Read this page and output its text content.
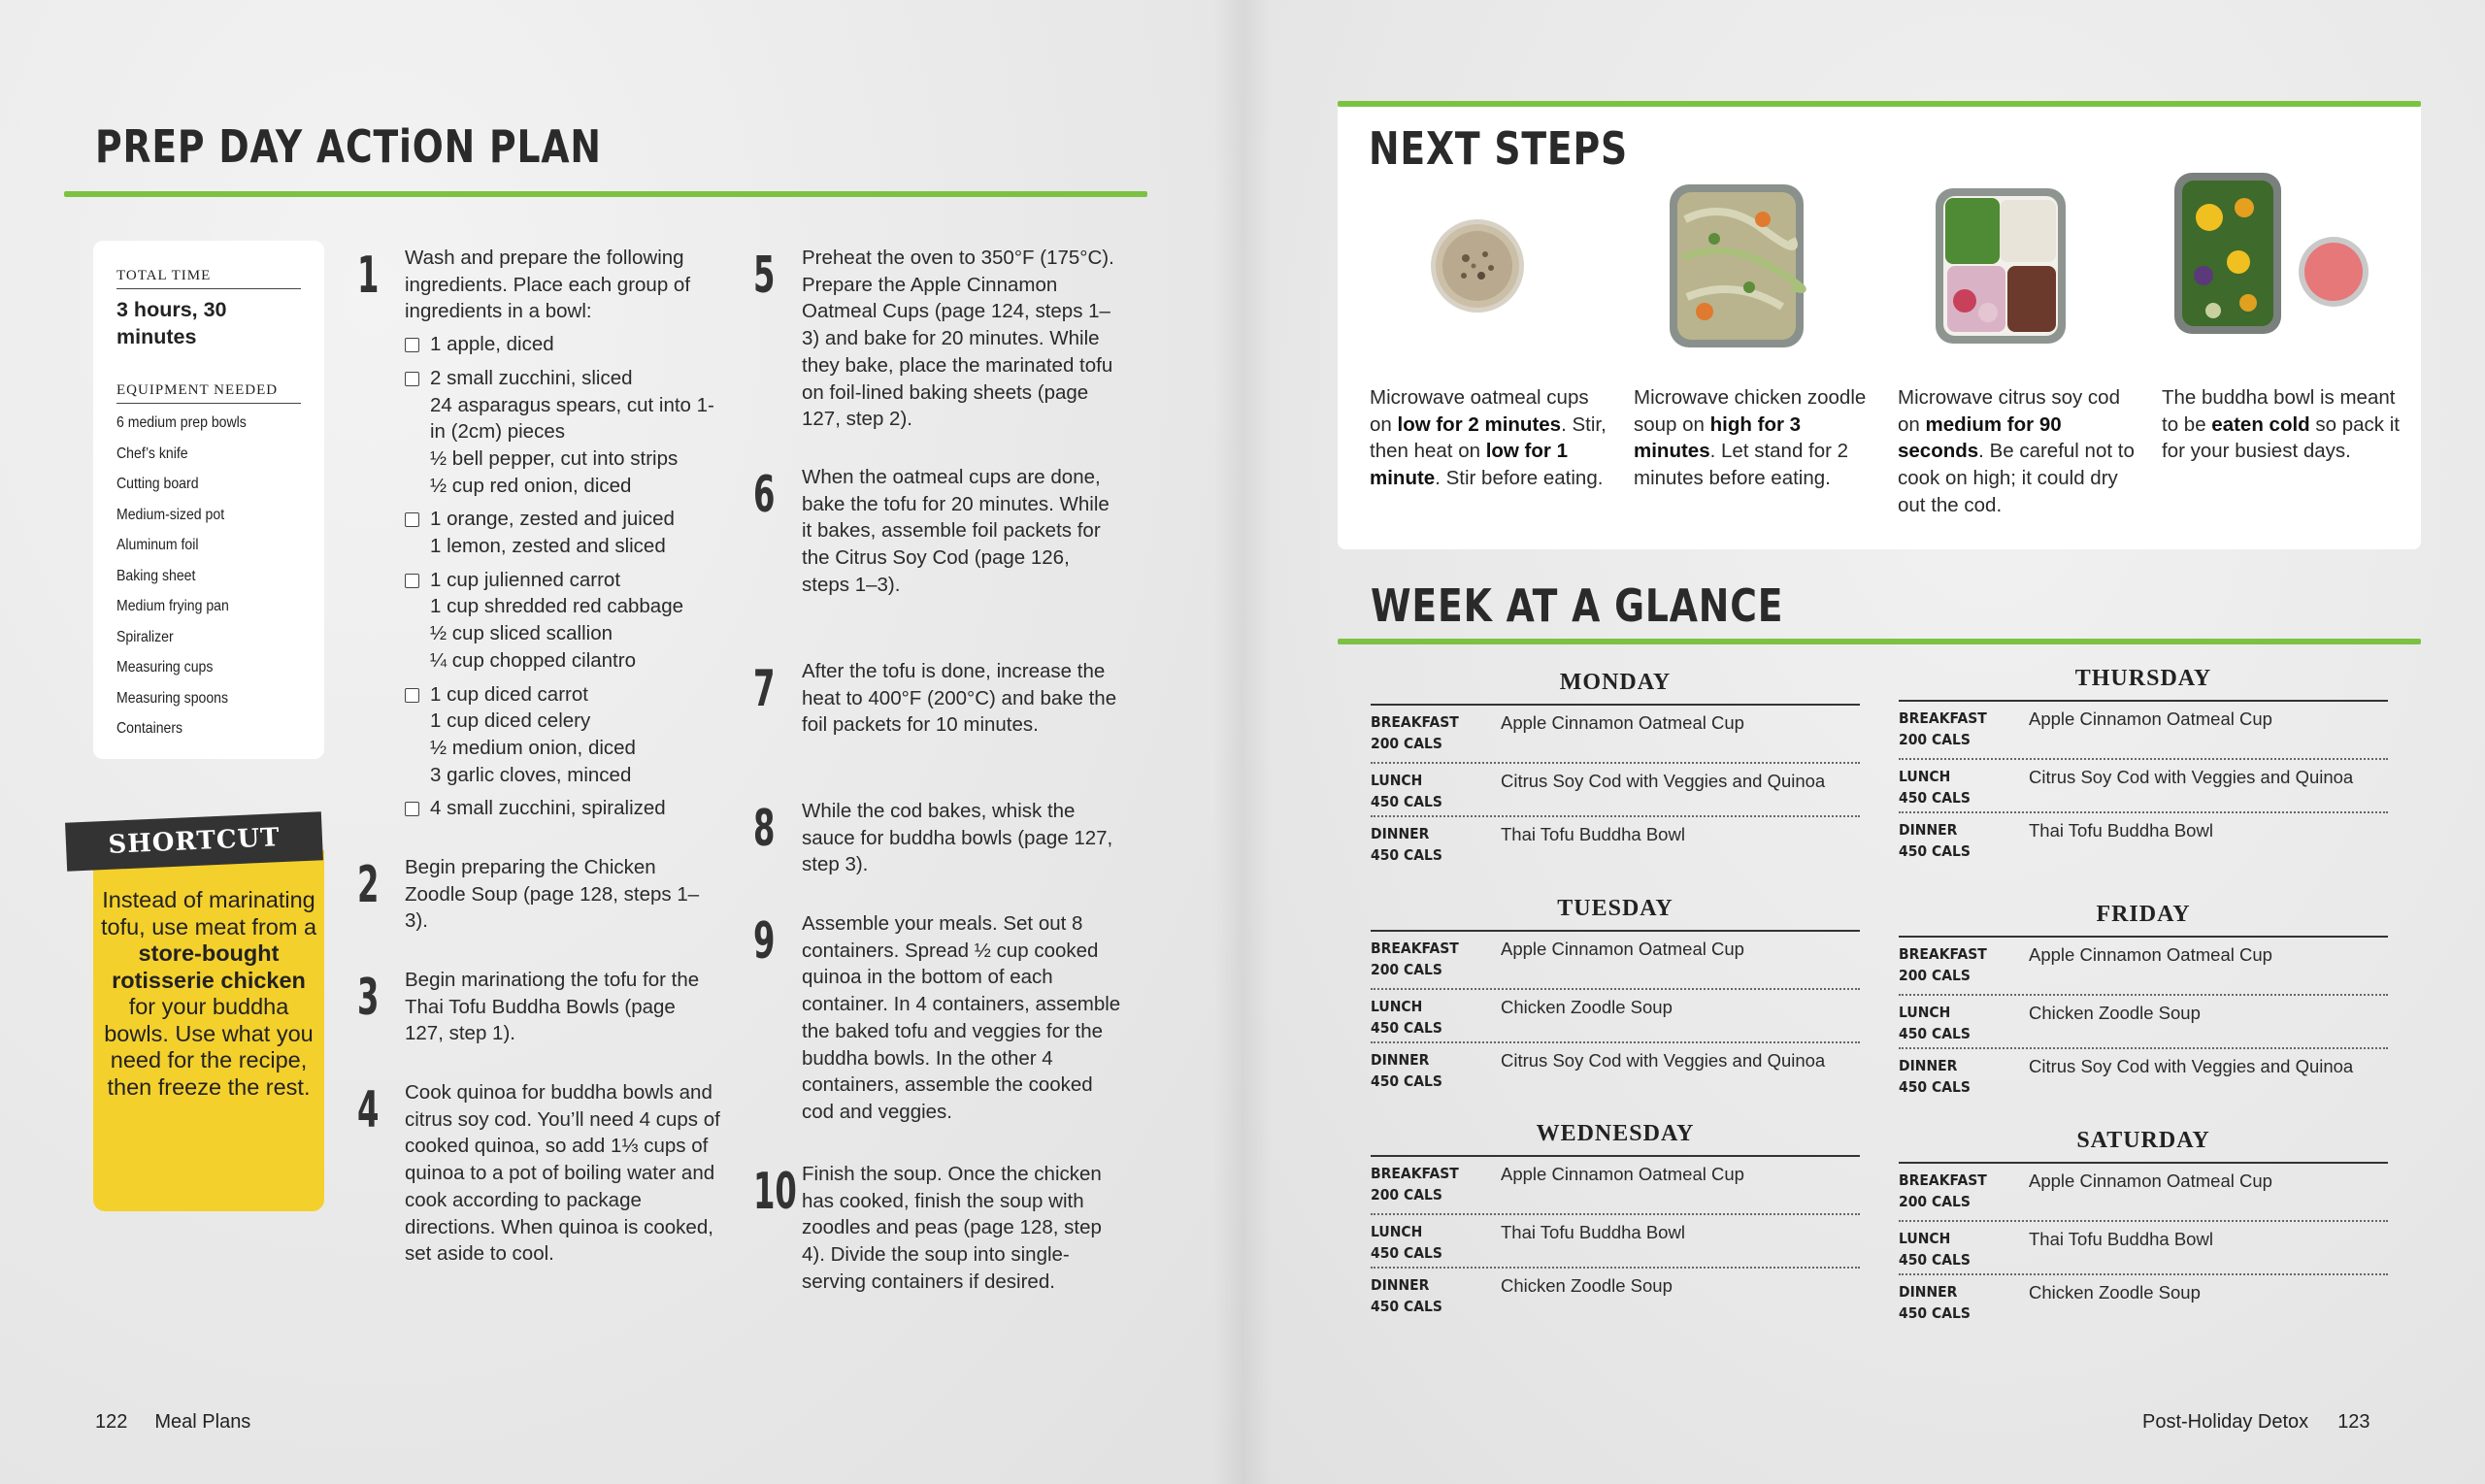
PREP DAY ACTiON PLAN
TOTAL TIME
3 hours, 30 minutes
EQUIPMENT NEEDED
6 medium prep bowls
Chef’s knife
Cutting board
Medium-sized pot
Aluminum foil
Baking sheet
Medium frying pan
Spiralizer
Measuring cups
Measuring spoons
Containers
SHORTCUT
Instead of marinating tofu, use meat from a store-bought rotisserie chicken for your buddha bowls. Use what you need for the recipe, then freeze the rest.
1 Wash and prepare the following ingredients. Place each group of ingredients in a bowl:
1 apple, diced
2 small zucchini, sliced
24 asparagus spears, cut into 1-in (2cm) pieces
½ bell pepper, cut into strips
½ cup red onion, diced
1 orange, zested and juiced
1 lemon, zested and sliced
1 cup julienned carrot
1 cup shredded red cabbage
½ cup sliced scallion
¼ cup chopped cilantro
1 cup diced carrot
1 cup diced celery
½ medium onion, diced
3 garlic cloves, minced
4 small zucchini, spiralized
2 Begin preparing the Chicken Zoodle Soup (page 128, steps 1–3).
3 Begin marinationg the tofu for the Thai Tofu Buddha Bowls (page 127, step 1).
4 Cook quinoa for buddha bowls and citrus soy cod. You’ll need 4 cups of cooked quinoa, so add 1⅓ cups of quinoa to a pot of boiling water and cook according to package directions. When quinoa is cooked, set aside to cool.
5 Preheat the oven to 350°F (175°C). Prepare the Apple Cinnamon Oatmeal Cups (page 124, steps 1–3) and bake for 20 minutes. While they bake, place the marinated tofu on foil-lined baking sheets (page 127, step 2).
6 When the oatmeal cups are done, bake the tofu for 20 minutes. While it bakes, assemble foil packets for the Citrus Soy Cod (page 126, steps 1–3).
7 After the tofu is done, increase the heat to 400°F (200°C) and bake the foil packets for 10 minutes.
8 While the cod bakes, whisk the sauce for buddha bowls (page 127, step 3).
9 Assemble your meals. Set out 8 containers. Spread ½ cup cooked quinoa in the bottom of each container. In 4 containers, assemble the baked tofu and veggies for the buddha bowls. In the other 4 containers, assemble the cooked cod and veggies.
10 Finish the soup. Once the chicken has cooked, finish the soup with zoodles and peas (page 128, step 4). Divide the soup into single-serving containers if desired.
122 Meal Plans
NEXT STEPS
Microwave oatmeal cups on low for 2 minutes. Stir, then heat on low for 1 minute. Stir before eating.
Microwave chicken zoodle soup on high for 3 minutes. Let stand for 2 minutes before eating.
Microwave citrus soy cod on medium for 90 seconds. Be careful not to cook on high; it could dry out the cod.
The buddha bowl is meant to be eaten cold so pack it for your busiest days.
WEEK AT A GLANCE
MONDAY
BREAKFAST
200 CALS
Apple Cinnamon Oatmeal Cup
LUNCH
450 CALS
Citrus Soy Cod with Veggies and Quinoa
DINNER
450 CALS
Thai Tofu Buddha Bowl
TUESDAY
BREAKFAST
200 CALS
Apple Cinnamon Oatmeal Cup
LUNCH
450 CALS
Chicken Zoodle Soup
DINNER
450 CALS
Citrus Soy Cod with Veggies and Quinoa
WEDNESDAY
BREAKFAST
200 CALS
Apple Cinnamon Oatmeal Cup
LUNCH
450 CALS
Thai Tofu Buddha Bowl
DINNER
450 CALS
Chicken Zoodle Soup
THURSDAY
BREAKFAST
200 CALS
Apple Cinnamon Oatmeal Cup
LUNCH
450 CALS
Citrus Soy Cod with Veggies and Quinoa
DINNER
450 CALS
Thai Tofu Buddha Bowl
FRIDAY
BREAKFAST
200 CALS
Apple Cinnamon Oatmeal Cup
LUNCH
450 CALS
Chicken Zoodle Soup
DINNER
450 CALS
Citrus Soy Cod with Veggies and Quinoa
SATURDAY
BREAKFAST
200 CALS
Apple Cinnamon Oatmeal Cup
LUNCH
450 CALS
Thai Tofu Buddha Bowl
DINNER
450 CALS
Chicken Zoodle Soup
Post-Holiday Detox 123
